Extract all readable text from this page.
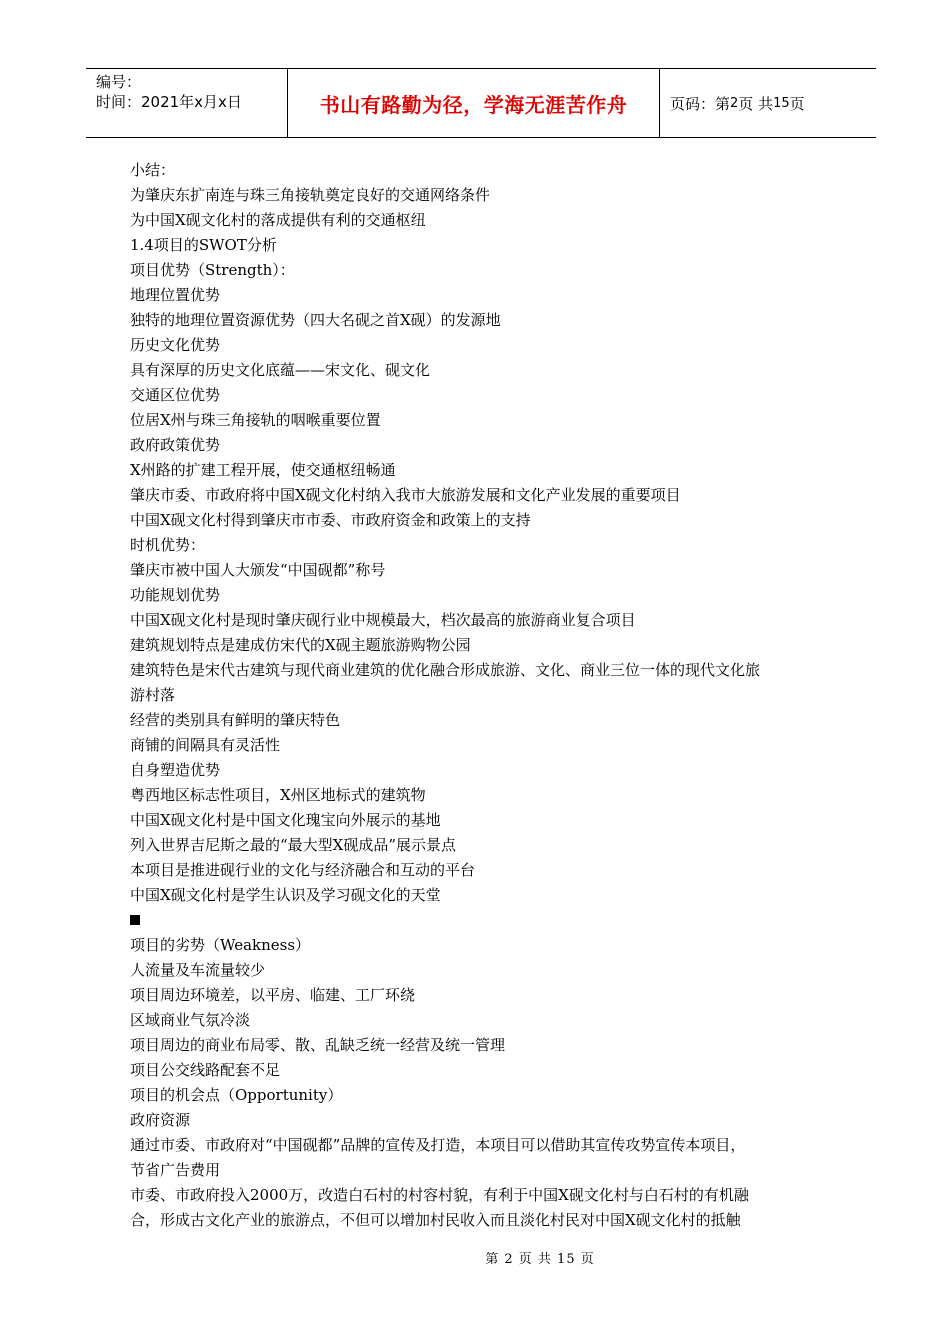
编号：
时间：2021年x月x日	书山有路勤为径，学海无涯苦作舟	页码：第 2 页 共 15 页

小结：

为肇庆东扩南连与珠三角接轨奠定良好的交通网络条件

为中国X砚文化村的落成提供有利的交通枢纽

1.4项目的SWOT分析

项目优势（Strength）：

地理位置优势

独特的地理位置资源优势（四大名砚之首X砚）的发源地

历史文化优势

具有深厚的历史文化底蕴——宋文化、砚文化

交通区位优势

位居X州与珠三角接轨的咽喉重要位置

政府政策优势

X州路的扩建工程开展，使交通枢纽畅通

肇庆市委、市政府将中国X砚文化村纳入我市大旅游发展和文化产业发展的重要项目

中国X砚文化村得到肇庆市市委、市政府资金和政策上的支持

时机优势：

肇庆市被中国人大颁发“中国砚都”称号

功能规划优势

中国X砚文化村是现时肇庆砚行业中规模最大，档次最高的旅游商业复合项目

建筑规划特点是建成仿宋代的X砚主题旅游购物公园

建筑特色是宋代古建筑与现代商业建筑的优化融合形成旅游、文化、商业三位一体的现代文化旅

游村落

经营的类别具有鲜明的肇庆特色

商铺的间隔具有灵活性

自身塑造优势

粤西地区标志性项目，X州区地标式的建筑物

中国X砚文化村是中国文化瑰宝向外展示的基地

列入世界吉尼斯之最的“最大型X砚成品”展示景点

本项目是推进砚行业的文化与经济融合和互动的平台

中国X砚文化村是学生认识及学习砚文化的天堂

项目的劣势（Weakness）

人流量及车流量较少

项目周边环境差，以平房、临建、工厂环绕

区域商业气氛冷淡

项目周边的商业布局零、散、乱缺乏统一经营及统一管理

项目公交线路配套不足

项目的机会点（Opportunity）

政府资源

通过市委、市政府对“中国砚都”品牌的宣传及打造，本项目可以借助其宣传攻势宣传本项目，

节省广告费用

市委、市政府投入2000万，改造白石村的村容村貌，有利于中国X砚文化村与白石村的有机融

合，形成古文化产业的旅游点，不但可以增加村民收入而且淡化村民对中国X砚文化村的抵触

第 2 页 共 15 页
